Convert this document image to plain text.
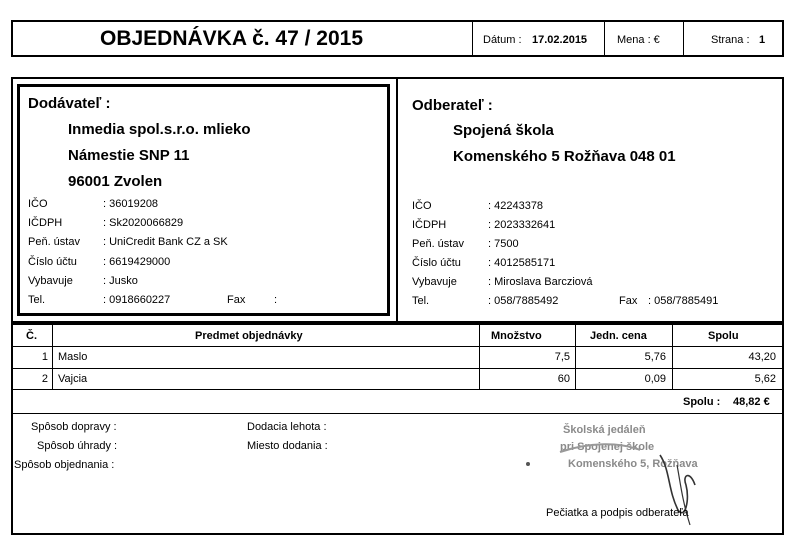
OBJEDNÁVKA č. 47 / 2015	Dátum : 17.02.2015	Mena : €	Strana : 1
Dodávateľ :
Inmedia spol.s.r.o. mlieko
Námestie SNP 11
96001 Zvolen
IČO	: 36019208
IČDPH	: Sk2020066829
Peň. ústav : UniCredit Bank CZ a SK
Číslo účtu : 6619429000
Vybavuje	: Jusko
Tel.	: 0918660227	Fax	:
Odberateľ :
Spojená škola
Komenského 5 Rožňava 048 01
IČO	: 42243378
IČDPH	: 2023332641
Peň. ústav : 7500
Číslo účtu : 4012585171
Vybavuje	: Miroslava Barcziová
Tel.	: 058/7885492	Fax : 058/7885491
Č.	Predmet objednávky	Množstvo	Jedn. cena	Spolu
1 Maslo	7,5	5,76	43,20
2 Vajcia	60	0,09	5,62
Spolu : 48,82 €
Spôsob dopravy :
Spôsob úhrady :
Spôsob objednania :
Dodacia lehota :
Miesto dodania :
Školská jedáleň
pri Spojenej škole
Komenského 5, Rožňava
Pečiatka a podpis odberateľa
